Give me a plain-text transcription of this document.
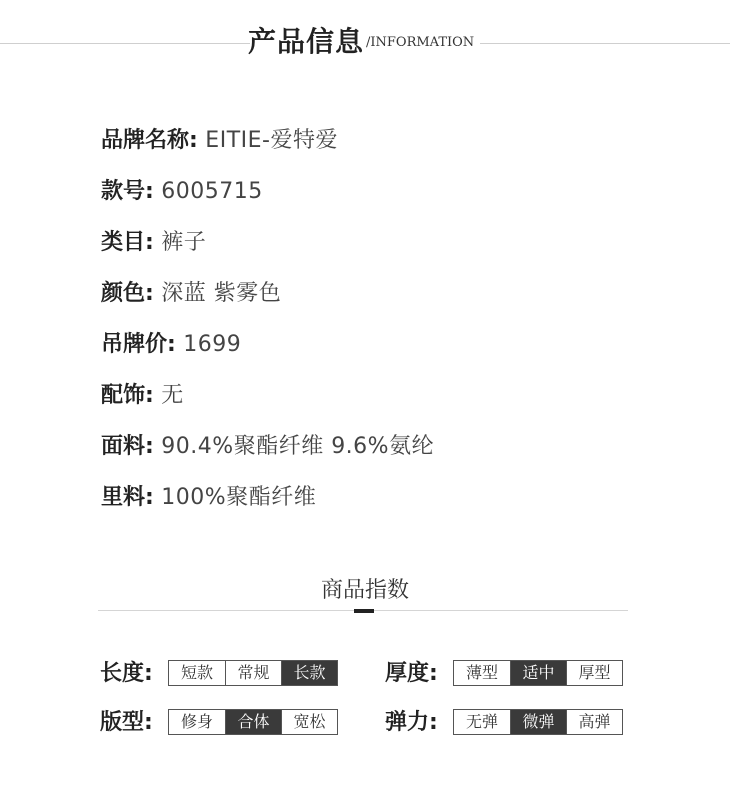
产品信息 /INFORMATION
品牌名称: EITIE-爱特爱
款号: 6005715
类目: 裤子
颜色: 深蓝 紫雾色
吊牌价: 1699
配饰: 无
面料: 90.4%聚酯纤维 9.6%氨纶
里料: 100%聚酯纤维
商品指数
长度:	短款	常规	长款	厚度:	薄型	适中	厚型
版型:	修身	合体	宽松	弹力:	无弹	微弹	高弹
